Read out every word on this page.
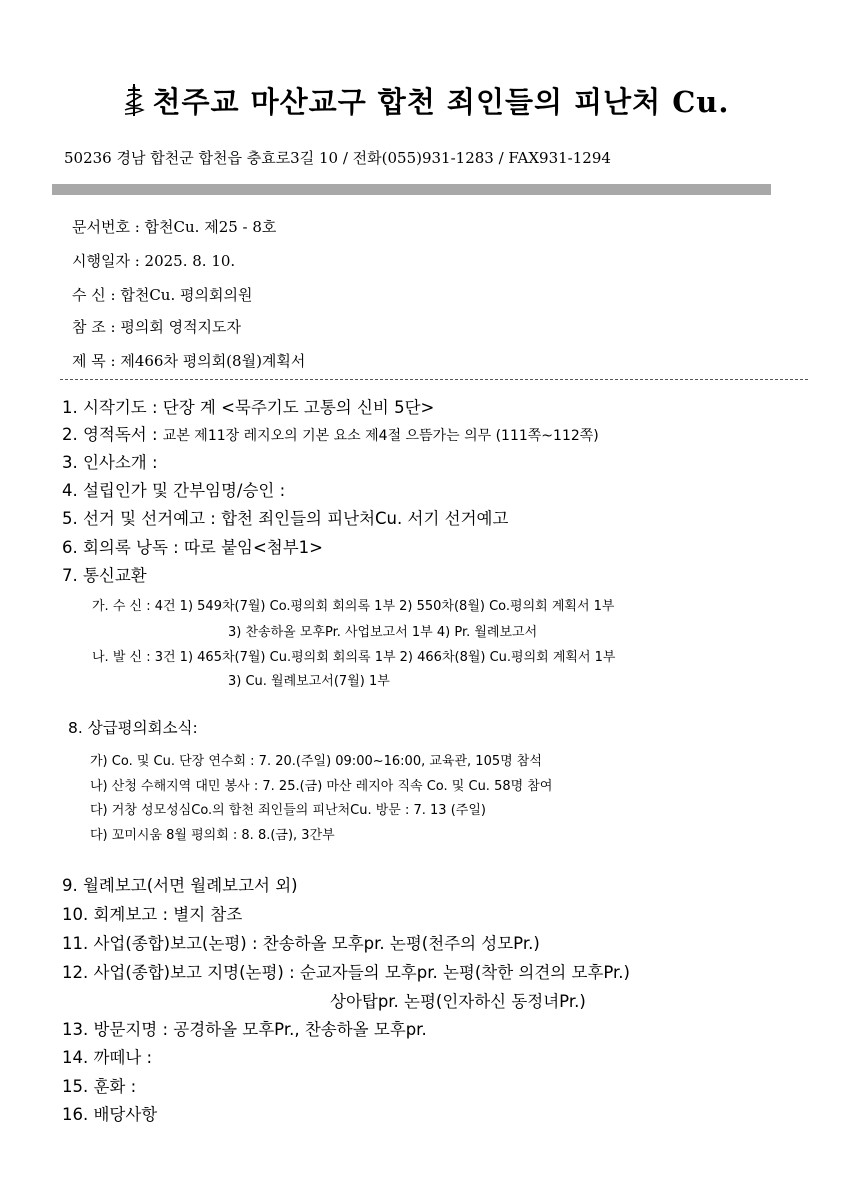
천주교 마산교구 합천 죄인들의 피난처 Cu.
50236 경남 합천군 합천읍 충효로3길 10 / 전화(055)931-1283 / FAX931-1294
문서번호 : 합천Cu. 제25 - 8호
시행일자 : 2025. 8. 10.
수 신 : 합천Cu. 평의회의원
참 조 : 평의회 영적지도자
제 목 : 제466차 평의회(8월)계획서
1. 시작기도 : 단장 계 <묵주기도 고통의 신비 5단>
2. 영적독서 : 교본 제11장 레지오의 기본 요소 제4절 으뜸가는 의무 (111쪽~112쪽)
3. 인사소개 :
4. 설립인가 및 간부임명/승인 :
5. 선거 및 선거예고 : 합천 죄인들의 피난처Cu. 서기 선거예고
6. 회의록 낭독 : 따로 붙임<첨부1>
7. 통신교환
가. 수 신 : 4건 1) 549차(7월) Co.평의회 회의록 1부 2) 550차(8월) Co.평의회 계획서 1부
3) 찬송하올 모후Pr. 사업보고서 1부 4) Pr. 월례보고서
나. 발 신 : 3건 1) 465차(7월) Cu.평의회 회의록 1부 2) 466차(8월) Cu.평의회 계획서 1부
3) Cu. 월례보고서(7월) 1부
8. 상급평의회소식:
가) Co. 및 Cu. 단장 연수회 : 7. 20.(주일) 09:00~16:00, 교육관, 105명 참석
나) 산청 수해지역 대민 봉사 : 7. 25.(금) 마산 레지아 직속 Co. 및 Cu. 58명 참여
다) 거창 성모성심Co.의 합천 죄인들의 피난처Cu. 방문 : 7. 13 (주일)
다) 꼬미시움 8월 평의회 : 8. 8.(금), 3간부
9. 월례보고(서면 월례보고서 외)
10. 회계보고 : 별지 참조
11. 사업(종합)보고(논평) : 찬송하올 모후pr. 논평(천주의 성모Pr.)
12. 사업(종합)보고 지명(논평) : 순교자들의 모후pr. 논평(착한 의견의 모후Pr.)
상아탑pr. 논평(인자하신 동정녀Pr.)
13. 방문지명 : 공경하올 모후Pr., 찬송하올 모후pr.
14. 까떼나 :
15. 훈화 :
16. 배당사항
